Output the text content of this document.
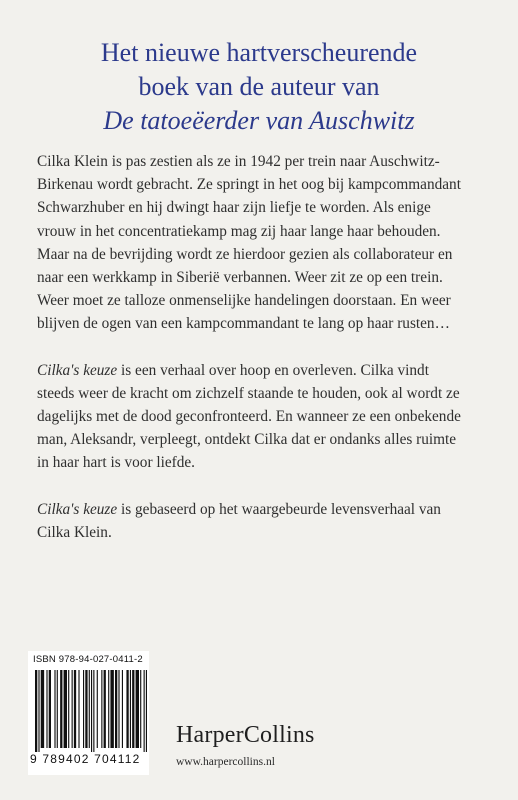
Het nieuwe hartverscheurende
boek van de auteur van
De tatoeëerder van Auschwitz

Cilka Klein is pas zestien als ze in 1942 per trein naar Auschwitz-
Birkenau wordt gebracht. Ze springt in het oog bij kampcommandant
Schwarzhuber en hij dwingt haar zijn liefje te worden. Als enige
vrouw in het concentratiekamp mag zij haar lange haar behouden.
Maar na de bevrijding wordt ze hierdoor gezien als collaborateur en
naar een werkkamp in Siberië verbannen. Weer zit ze op een trein.
Weer moet ze talloze onmenselijke handelingen doorstaan. En weer
blijven de ogen van een kampcommandant te lang op haar rusten…

Cilka's keuze is een verhaal over hoop en overleven. Cilka vindt
steeds weer de kracht om zichzelf staande te houden, ook al wordt ze
dagelijks met de dood geconfronteerd. En wanneer ze een onbekende
man, Aleksandr, verpleegt, ontdekt Cilka dat er ondanks alles ruimte
in haar hart is voor liefde.

Cilka's keuze is gebaseerd op het waargebeurde levensverhaal van
Cilka Klein.

ISBN 978-94-027-0411-2
9 789402 704112
HarperCollins
www.harpercollins.nl
